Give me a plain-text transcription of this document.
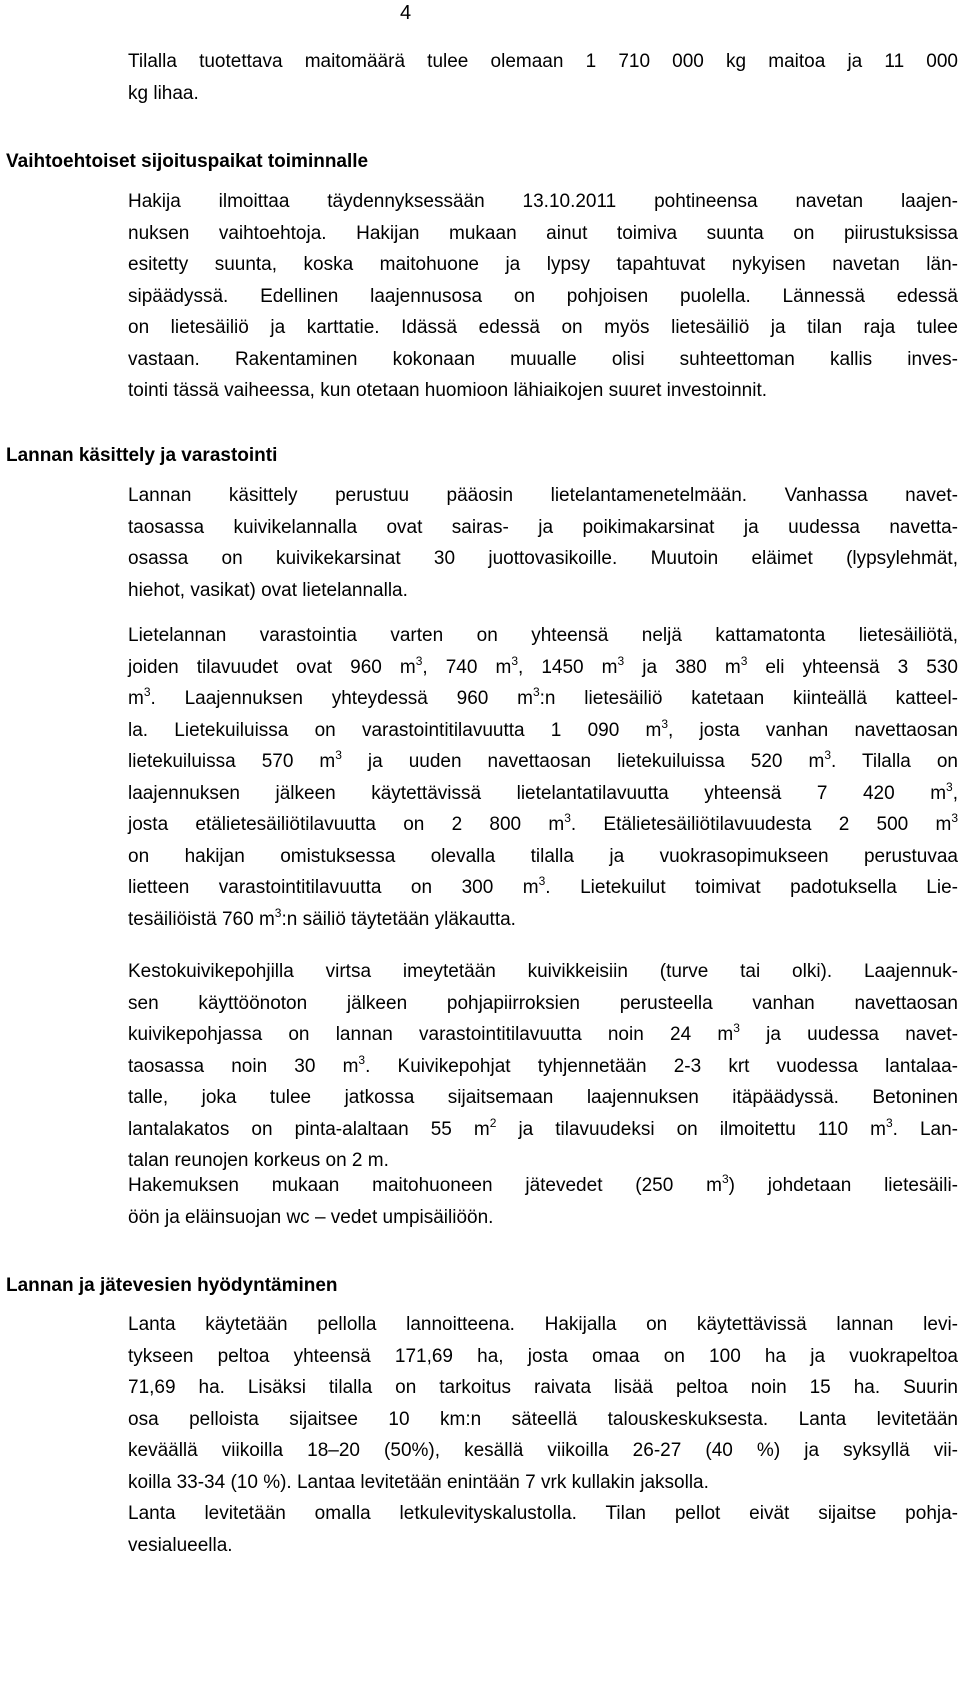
4
Tilalla tuotettava maitomäärä tulee olemaan 1 710 000 kg maitoa ja 11 000
kg lihaa.
Vaihtoehtoiset sijoituspaikat toiminnalle
Hakija ilmoittaa täydennyksessään 13.10.2011 pohtineensa navetan laajen-
nuksen vaihtoehtoja. Hakijan mukaan ainut toimiva suunta on piirustuksissa
esitetty suunta, koska maitohuone ja lypsy tapahtuvat nykyisen navetan län-
sipäädyssä. Edellinen laajennusosa on pohjoisen puolella. Lännessä edessä
on lietesäiliö ja karttatie. Idässä edessä on myös lietesäiliö ja tilan raja tulee
vastaan. Rakentaminen kokonaan muualle olisi suhteettoman kallis inves-
tointi tässä vaiheessa, kun otetaan huomioon lähiaikojen suuret investoinnit.
Lannan käsittely ja varastointi
Lannan käsittely perustuu pääosin lietelantamenetelmään. Vanhassa navet-
taosassa kuivikelannalla ovat sairas- ja poikimakarsinat ja uudessa navetta-
osassa on kuivikekarsinat 30 juottovasikoille. Muutoin eläimet (lypsylehmät,
hiehot, vasikat) ovat lietelannalla.
Lietelannan varastointia varten on yhteensä neljä kattamatonta lietesäiliötä,
joiden tilavuudet ovat 960 $m^3$, 740 $m^3$, 1450 $m^3$ ja 380 $m^3$ eli yhteensä 3 530
$m^3$. Laajennuksen yhteydessä 960 $m^3:n$ lietesäiliö katetaan kiinteällä katteel-
la. Lietekuiluissa on varastointitilavuutta 1 090 $m^3$, josta vanhan navettaosan
lietekuiluissa 570 $m^3$ ja uuden navettaosan lietekuiluissa 520 $m^3$. Tilalla on
laajennuksen jälkeen käytettävissä lietelantatilavuutta yhteensä 7 420 $m^3$,
josta etälietesäiliötilavuutta on 2 800 $m^3$. Etälietesäiliötilavuudesta 2 500 $m^3$
on hakijan omistuksessa olevalla tilalla ja vuokrasopimukseen perustuvaa
lietteen varastointitilavuutta on 300 $m^3$. Lietekuilut toimivat padotuksella Lie-
tesäiliöistä 760 $m^3:n$ säiliö täytetään yläkautta.
Kestokuivikepohjilla virtsa imeytetään kuivikkeisiin (turve tai olki). Laajennuk-
sen käyttöönoton jälkeen pohjapiirroksien perusteella vanhan navettaosan
kuivikepohjassa on lannan varastointitilavuutta noin 24 $m^3$ ja uudessa navet-
taosassa noin 30 $m^3$. Kuivikepohjat tyhjennetään 2-3 krt vuodessa lantalaa-
talle, joka tulee jatkossa sijaitsemaan laajennuksen itäpäädyssä. Betoninen
lantalakatos on pinta-alaltaan 55 $m^2$ ja tilavuudeksi on ilmoitettu 110 $m^3$. Lan-
talan reunojen korkeus on 2 m.
Hakemuksen mukaan maitohuoneen jätevedet (250 $m^3$) johdetaan lietesäili-
öön ja eläinsuojan wc – vedet umpisäiliöön.
Lannan ja jätevesien hyödyntäminen
Lanta käytetään pellolla lannoitteena. Hakijalla on käytettävissä lannan levi-
tykseen peltoa yhteensä 171,69 ha, josta omaa on 100 ha ja vuokrapeltoa
71,69 ha. Lisäksi tilalla on tarkoitus raivata lisää peltoa noin 15 ha. Suurin
osa pelloista sijaitsee 10 km:n säteellä talouskeskuksesta. Lanta levitetään
keväällä viikoilla 18–20 (50%), kesällä viikoilla 26-27 (40 %) ja syksyllä vii-
koilla 33-34 (10 %). Lantaa levitetään enintään 7 vrk kullakin jaksolla.
Lanta levitetään omalla letkulevityskalustolla. Tilan pellot eivät sijaitse pohja-
vesialueella.
